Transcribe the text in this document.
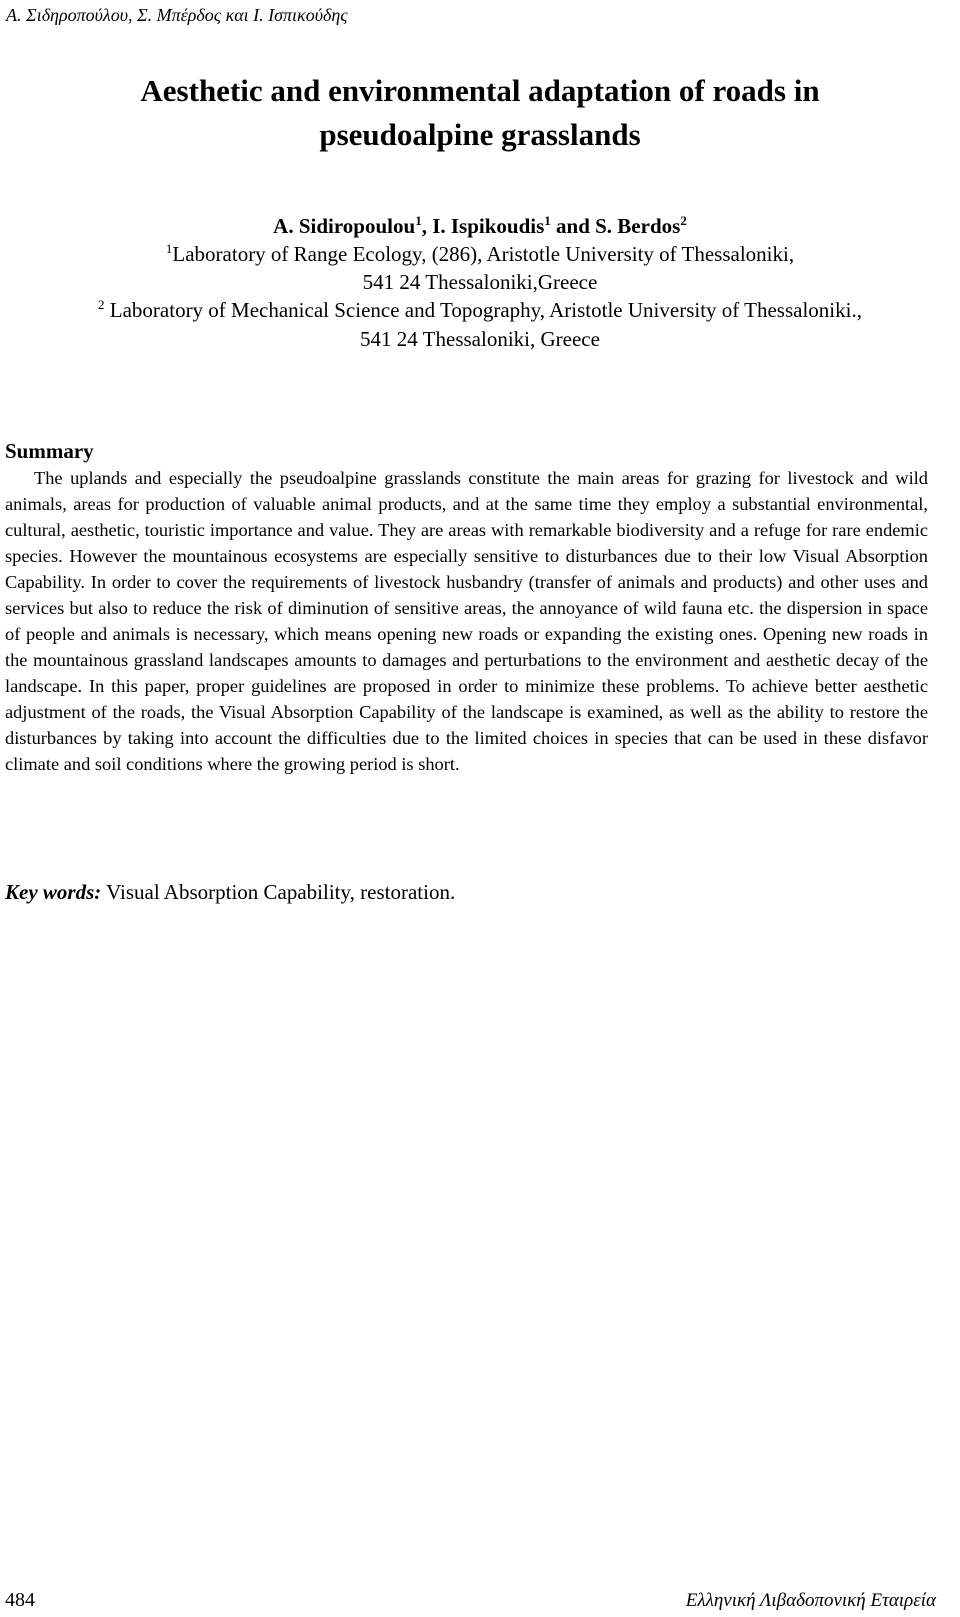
Α. Σιδηροπούλου, Σ. Μπέρδος και Ι. Ισπικούδης
Aesthetic and environmental adaptation of roads in
pseudoalpine grasslands
A. Sidiropoulou$^1$, I. Ispikoudis$^1$ and S. Berdos$^2$
$^1$Laboratory of Range Ecology, (286), Aristotle University of Thessaloniki,
541 24 Thessaloniki,Greece
$^2$ Laboratory of Mechanical Science and Topography, Aristotle University of Thessaloniki.,
541 24 Thessaloniki, Greece
Summary

The uplands and especially the pseudoalpine grasslands constitute the main areas for grazing for livestock and wild animals, areas for production of valuable animal products, and at the same time they employ a substantial environmental, cultural, aesthetic, touristic importance and value. They are areas with remarkable biodiversity and a refuge for rare endemic species. However the mountainous ecosystems are especially sensitive to disturbances due to their low Visual Absorption Capability. In order to cover the requirements of livestock husbandry (transfer of animals and products) and other uses and services but also to reduce the risk of diminution of sensitive areas, the annoyance of wild fauna etc. the dispersion in space of people and animals is necessary, which means opening new roads or expanding the existing ones. Opening new roads in the mountainous grassland landscapes amounts to damages and perturbations to the environment and aesthetic decay of the landscape. In this paper, proper guidelines are proposed in order to minimize these problems. To achieve better aesthetic adjustment of the roads, the Visual Absorption Capability of the landscape is examined, as well as the ability to restore the disturbances by taking into account the difficulties due to the limited choices in species that can be used in these disfavor climate and soil conditions where the growing period is short.

Key words: Visual Absorption Capability, restoration.
484	Ελληνική Λιβαδοπονική Εταιρεία
